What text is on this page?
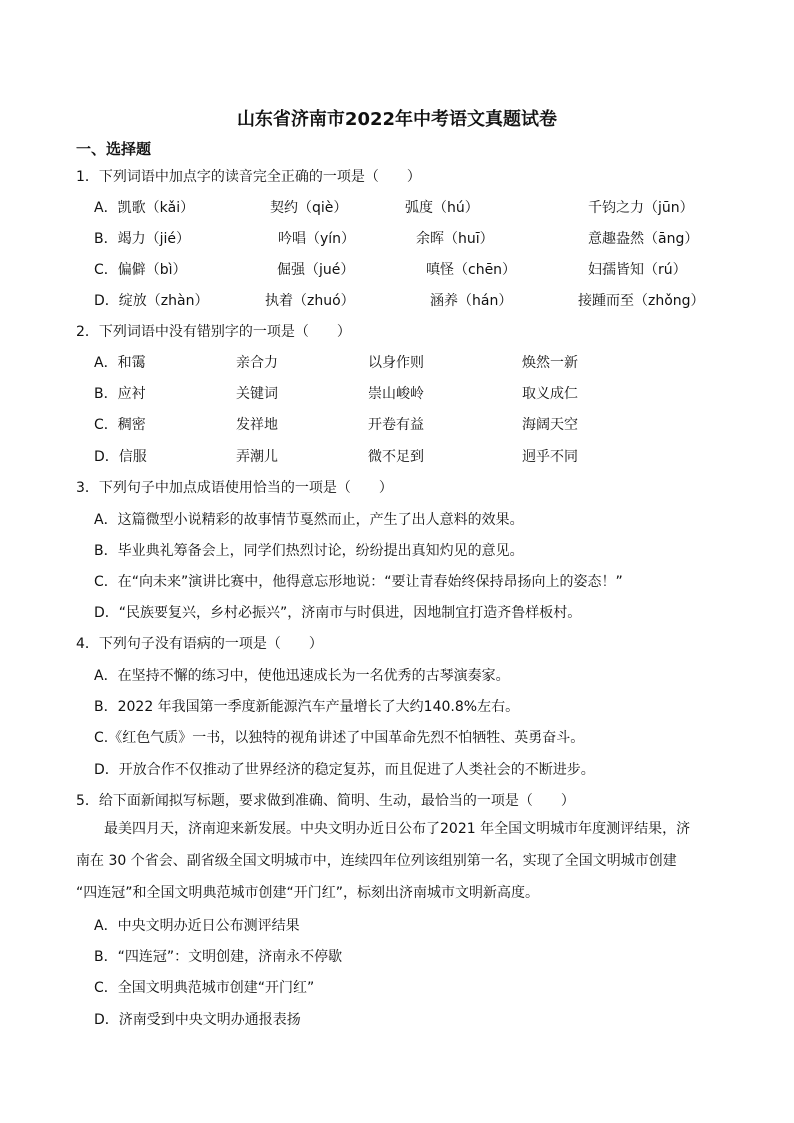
山东省济南市2022年中考语文真题试卷
一、选择题
1．下列词语中加点字的读音完全正确的一项是（　　）
A．凯歌（kǎi）	契约（qiè）	弧度（hú）	千钧之力（jūn）
B．竭力（jié）	吟唱（yín）	余晖（huī）	意趣盎然（āng）
C．偏僻（bì）	倔强（jué）	嗔怪（chēn）	妇孺皆知（rú）
D．绽放（zhàn）	执着（zhuó）	涵养（hán）	接踵而至（zhǒng）
2．下列词语中没有错别字的一项是（　　）
A．和霭	亲合力	以身作则	焕然一新
B．应衬	关键词	崇山峻岭	取义成仁
C．稠密	发祥地	开卷有益	海阔天空
D．信服	弄潮儿	微不足到	迥乎不同
3．下列句子中加点成语使用恰当的一项是（　　）
A．这篇微型小说精彩的故事情节戛然而止，产生了出人意料的效果。
B．毕业典礼筹备会上，同学们热烈讨论，纷纷提出真知灼见的意见。
C．在“向未来”演讲比赛中，他得意忘形地说：“要让青春始终保持昂扬向上的姿态！”
D．“民族要复兴，乡村必振兴”，济南市与时俱进，因地制宜打造齐鲁样板村。
4．下列句子没有语病的一项是（　　）
A．在坚持不懈的练习中，使他迅速成长为一名优秀的古琴演奏家。
B．2022 年我国第一季度新能源汽车产量增长了大约140.8%左右。
C.《红色气质》一书，以独特的视角讲述了中国革命先烈不怕牺牲、英勇奋斗。
D．开放合作不仅推动了世界经济的稳定复苏，而且促进了人类社会的不断进步。
5．给下面新闻拟写标题，要求做到准确、简明、生动，最恰当的一项是（　　）

最美四月天，济南迎来新发展。中央文明办近日公布了2021 年全国文明城市年度测评结果，济

南在 30 个省会、副省级全国文明城市中，连续四年位列该组别第一名，实现了全国文明城市创建

“四连冠”和全国文明典范城市创建“开门红”，标刻出济南城市文明新高度。

A．中央文明办近日公布测评结果
B．“四连冠”：文明创建，济南永不停歇
C．全国文明典范城市创建“开门红”
D．济南受到中央文明办通报表扬
